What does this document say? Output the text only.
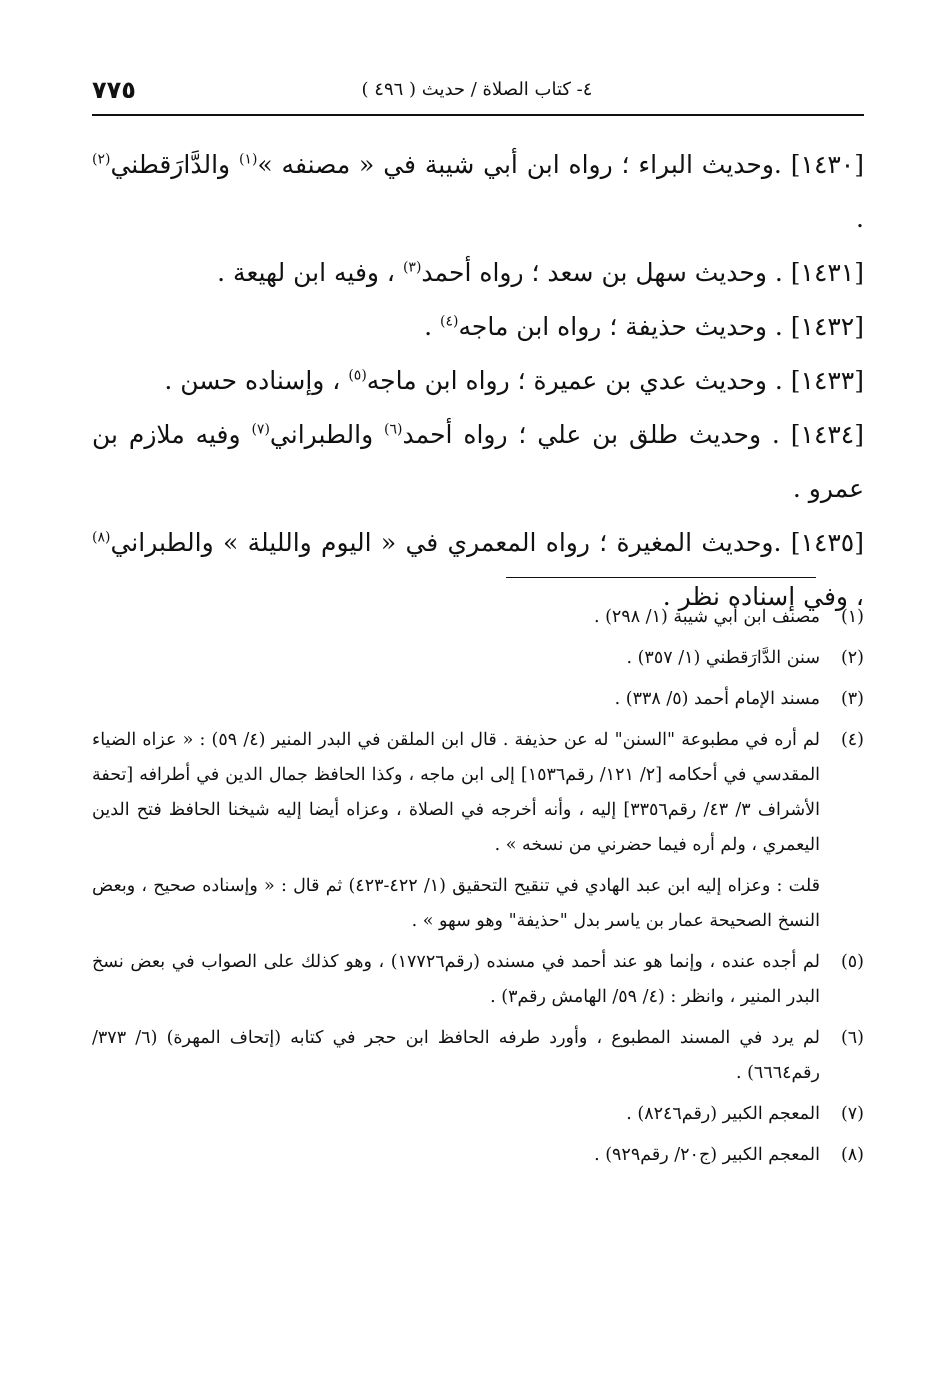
٧٧٥	٤- كتاب الصلاة / حديث ( ٤٩٦ )

[١٤٣٠] .وحديث البراء ؛ رواه ابن أبي شيبة في « مصنفه »$^{(١)}$ والدَّارَقطني$^{(٢)}$ .

[١٤٣١] . وحديث سهل بن سعد ؛ رواه أحمد$^{(٣)}$ ، وفيه ابن لهيعة .

[١٤٣٢] . وحديث حذيفة ؛ رواه ابن ماجه$^{(٤)}$ .

[١٤٣٣] . وحديث عدي بن عميرة ؛ رواه ابن ماجه$^{(٥)}$ ، وإسناده حسن .

[١٤٣٤] . وحديث طلق بن علي ؛ رواه أحمد$^{(٦)}$ والطبراني$^{(٧)}$ وفيه ملازم بن عمرو .

[١٤٣٥] .وحديث المغيرة ؛ رواه المعمري في « اليوم والليلة » والطبراني$^{(٨)}$ ، وفي إسناده نظر .

(١)
مصنف ابن أبي شيبة (١/ ٢٩٨) .
(٢)
سنن الدَّارَقطني (١/ ٣٥٧) .
(٣)
مسند الإمام أحمد (٥/ ٣٣٨) .
(٤)
لم أره في مطبوعة "السنن" له عن حذيفة . قال ابن الملقن في البدر المنير (٤/ ٥٩) : « عزاه الضياء المقدسي في أحكامه [٢/ ١٢١/ رقم١٥٣٦] إلى ابن ماجه ، وكذا الحافظ جمال الدين في أطرافه [تحفة الأشراف ٣/ ٤٣/ رقم٣٣٥٦] إليه ، وأنه أخرجه في الصلاة ، وعزاه أيضا إليه شيخنا الحافظ فتح الدين اليعمري ، ولم أره فيما حضرني من نسخه » .
قلت : وعزاه إليه ابن عبد الهادي في تنقيح التحقيق (١/ ٤٢٢-٤٢٣) ثم قال : « وإسناده صحيح ، وبعض النسخ الصحيحة عمار بن ياسر بدل "حذيفة" وهو سهو » .
(٥)
لم أجده عنده ، وإنما هو عند أحمد في مسنده (رقم١٧٧٢٦) ، وهو كذلك على الصواب في بعض نسخ البدر المنير ، وانظر : (٤/ ٥٩/ الهامش رقم٣) .
(٦)
لم يرد في المسند المطبوع ، وأورد طرفه الحافظ ابن حجر في كتابه (إتحاف المهرة) (٦/ ٣٧٣/ رقم٦٦٦٤) .
(٧)
المعجم الكبير (رقم٨٢٤٦) .
(٨)
المعجم الكبير (ج٢٠/ رقم٩٢٩) .
